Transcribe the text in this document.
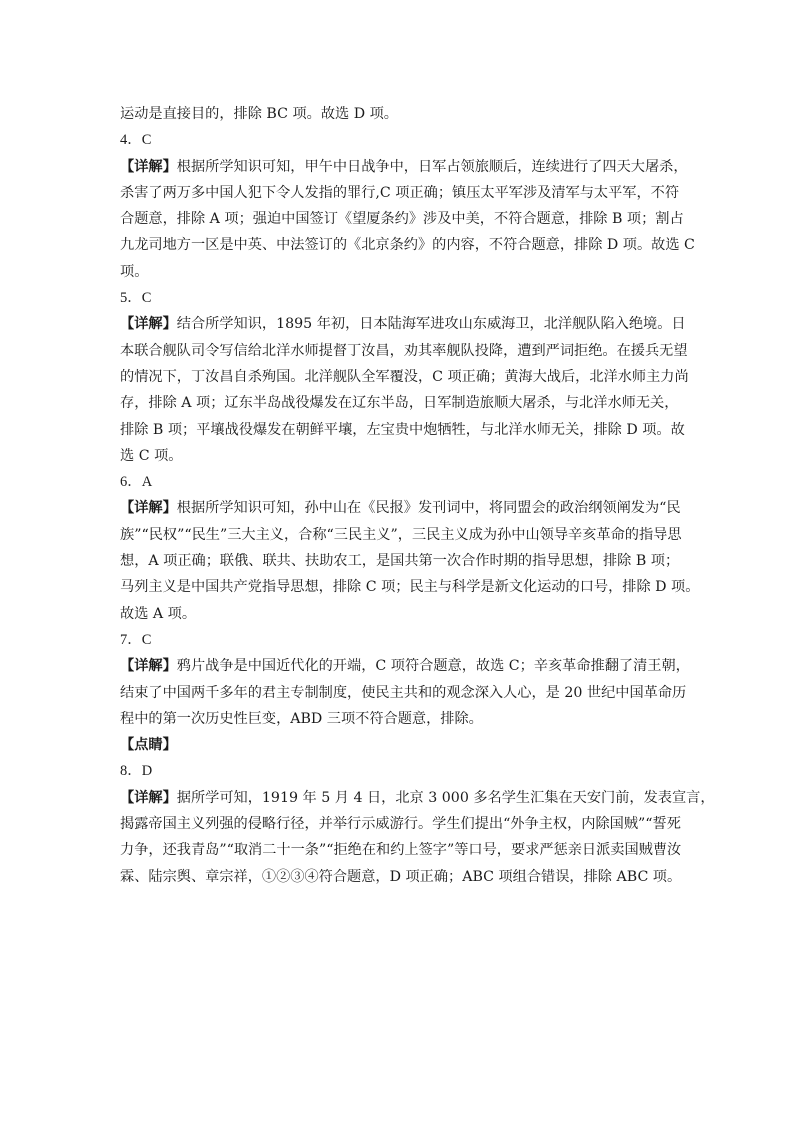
运动是直接目的，排除 BC 项。故选 D 项。
4．C
【详解】根据所学知识可知，甲午中日战争中，日军占领旅顺后，连续进行了四天大屠杀，
杀害了两万多中国人犯下令人发指的罪行,C 项正确；镇压太平军涉及清军与太平军，不符
合题意，排除 A 项；强迫中国签订《望厦条约》涉及中美，不符合题意，排除 B 项；割占
九龙司地方一区是中英、中法签订的《北京条约》的内容，不符合题意，排除 D 项。故选 C
项。
5．C
【详解】结合所学知识，1895 年初，日本陆海军进攻山东威海卫，北洋舰队陷入绝境。日
本联合舰队司令写信给北洋水师提督丁汝昌，劝其率舰队投降，遭到严词拒绝。在援兵无望
的情况下，丁汝昌自杀殉国。北洋舰队全军覆没，C 项正确；黄海大战后，北洋水师主力尚
存，排除 A 项；辽东半岛战役爆发在辽东半岛，日军制造旅顺大屠杀，与北洋水师无关，
排除 B 项；平壤战役爆发在朝鲜平壤，左宝贵中炮牺牲，与北洋水师无关，排除 D 项。故
选 C 项。
6．A
【详解】根据所学知识可知，孙中山在《民报》发刊词中，将同盟会的政治纲领阐发为“民
族”“民权”“民生”三大主义，合称“三民主义”，三民主义成为孙中山领导辛亥革命的指导思
想，A 项正确；联俄、联共、扶助农工，是国共第一次合作时期的指导思想，排除 B 项；
马列主义是中国共产党指导思想，排除 C 项；民主与科学是新文化运动的口号，排除 D 项。
故选 A 项。
7．C
【详解】鸦片战争是中国近代化的开端，C 项符合题意，故选 C；辛亥革命推翻了清王朝，
结束了中国两千多年的君主专制制度，使民主共和的观念深入人心，是 20 世纪中国革命历
程中的第一次历史性巨变，ABD 三项不符合题意，排除。
【点睛】
8．D
【详解】据所学可知，1919 年 5 月 4 日，北京 3 000 多名学生汇集在天安门前，发表宣言，
揭露帝国主义列强的侵略行径，并举行示威游行。学生们提出“外争主权，内除国贼”“誓死
力争，还我青岛”“取消二十一条”“拒绝在和约上签字”等口号，要求严惩亲日派卖国贼曹汝
霖、陆宗舆、章宗祥，①②③④符合题意，D 项正确；ABC 项组合错误，排除 ABC 项。
